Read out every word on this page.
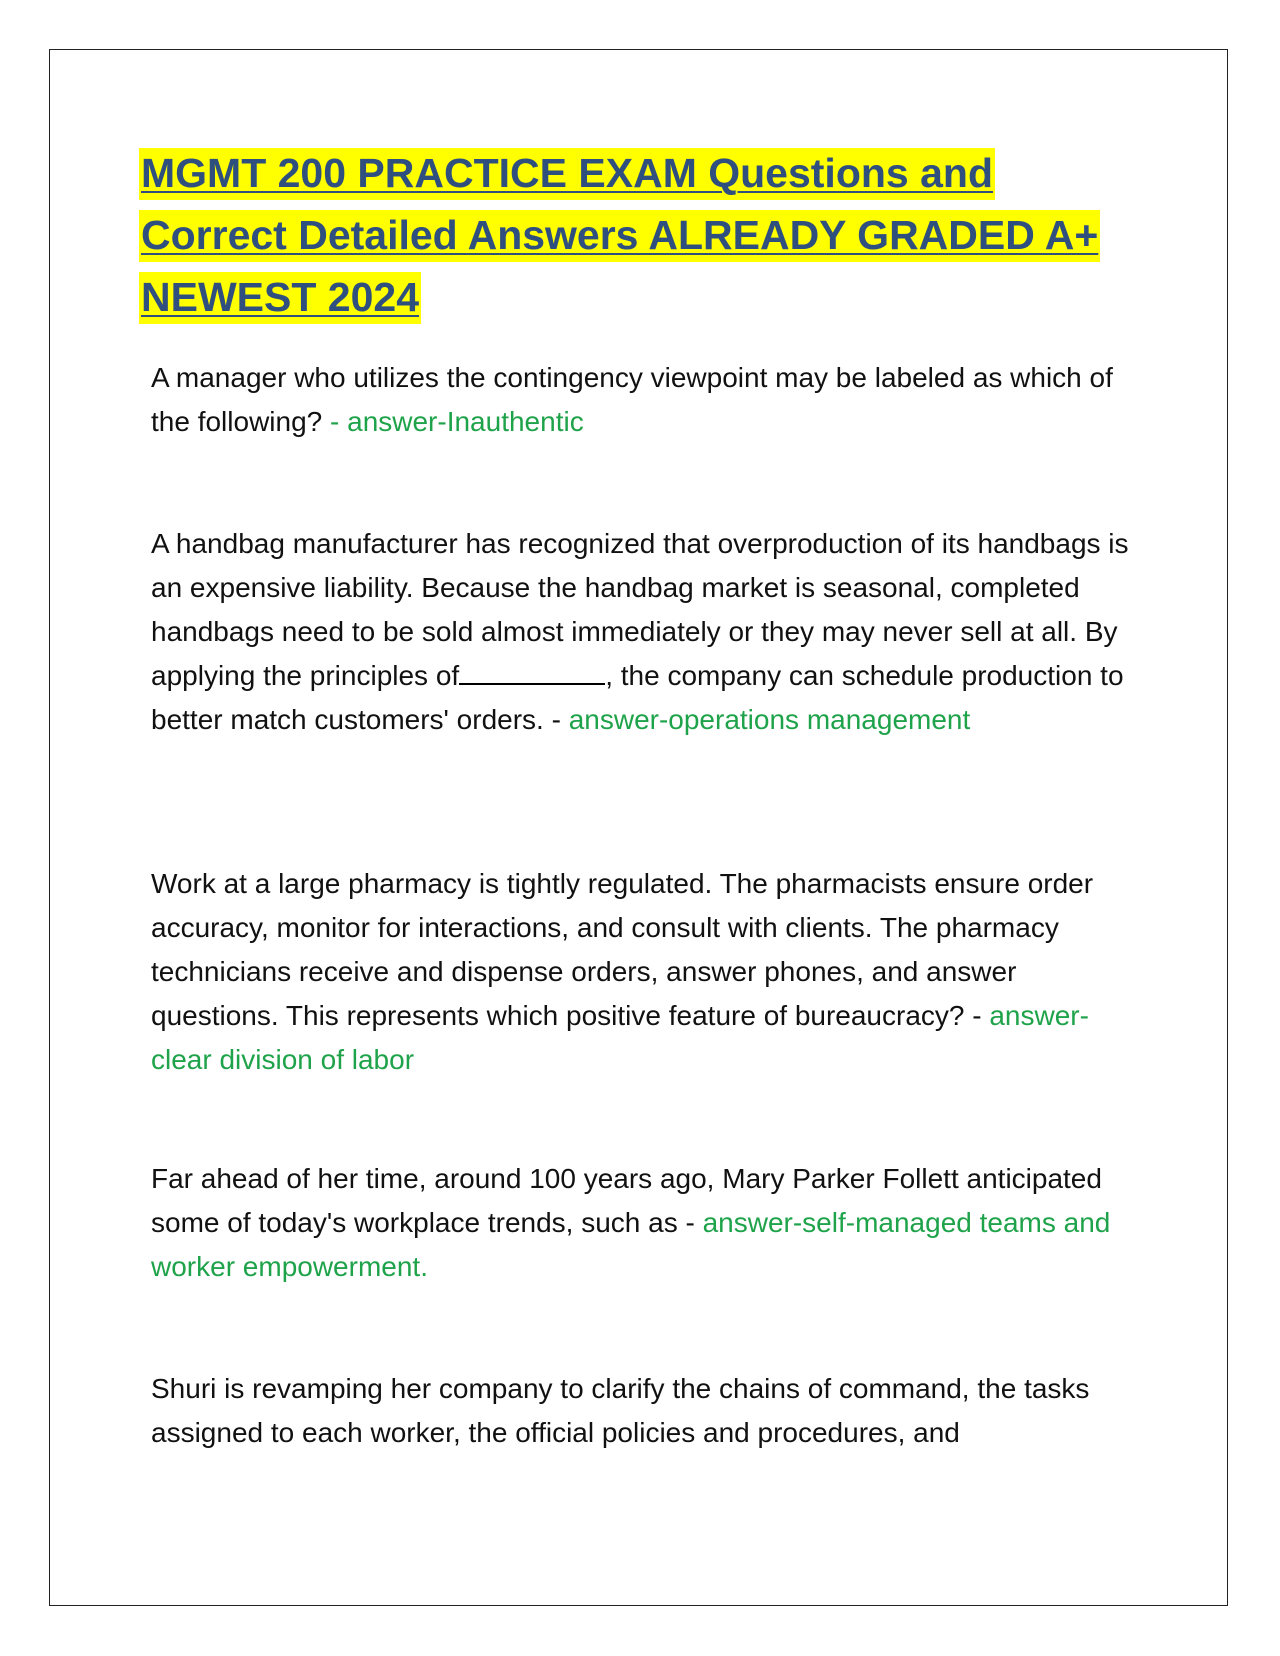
MGMT 200 PRACTICE EXAM Questions and Correct Detailed Answers ALREADY GRADED A+ NEWEST 2024

A manager who utilizes the contingency viewpoint may be labeled as which of the following? - answer-Inauthentic

A handbag manufacturer has recognized that overproduction of its handbags is an expensive liability. Because the handbag market is seasonal, completed handbags need to be sold almost immediately or they may never sell at all. By applying the principles of	, the company can schedule production to better match customers' orders. - answer-operations management

Work at a large pharmacy is tightly regulated. The pharmacists ensure order accuracy, monitor for interactions, and consult with clients. The pharmacy technicians receive and dispense orders, answer phones, and answer questions. This represents which positive feature of bureaucracy? - answer-clear division of labor

Far ahead of her time, around 100 years ago, Mary Parker Follett anticipated some of today's workplace trends, such as - answer-self-managed teams and worker empowerment.

Shuri is revamping her company to clarify the chains of command, the tasks assigned to each worker, the official policies and procedures, and
